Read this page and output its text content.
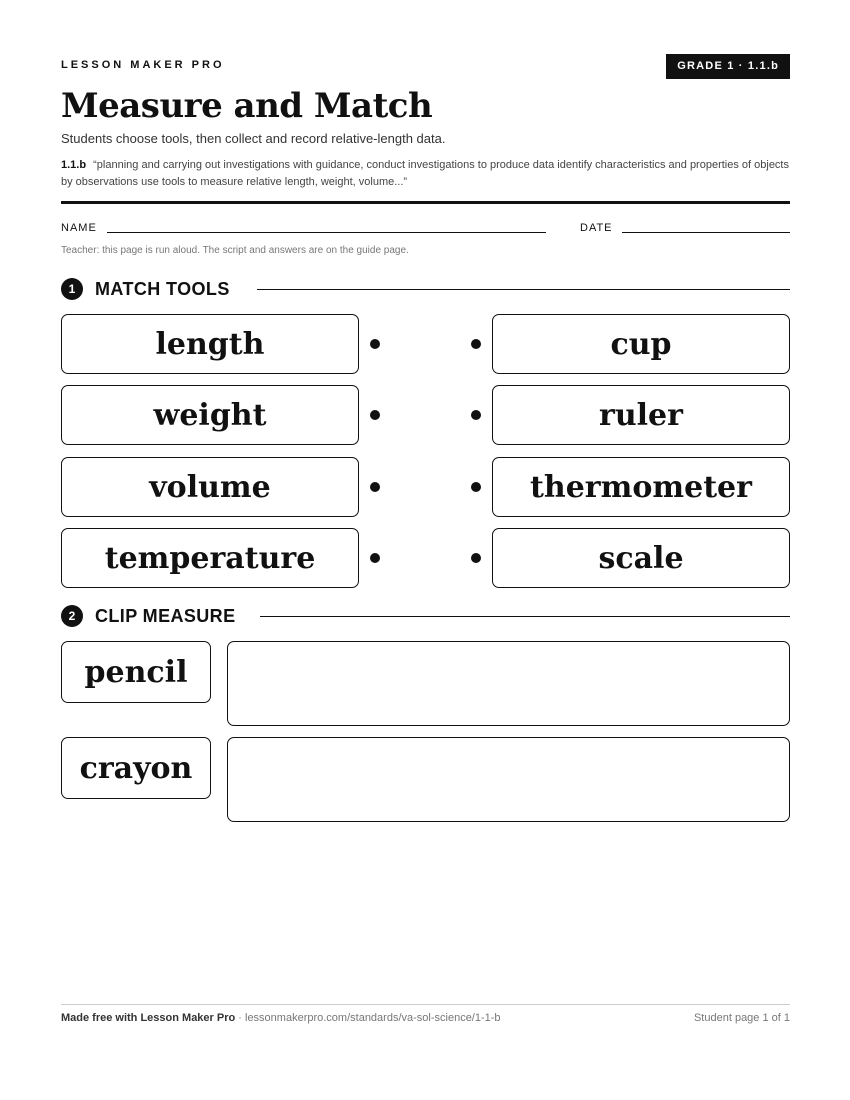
LESSON MAKER PRO	GRADE 1 · 1.1.b
Measure and Match
Students choose tools, then collect and record relative-length data.
1.1.b “planning and carrying out investigations with guidance, conduct investigations to produce data identify characteristics and properties of objects by observations use tools to measure relative length, weight, volume...”
NAME	DATE
Teacher: this page is run aloud. The script and answers are on the guide page.
1	MATCH TOOLS
length	cup
weight	ruler
volume	thermometer
temperature	scale
2	CLIP MEASURE
pencil
crayon
Made free with Lesson Maker Pro · lessonmakerpro.com/standards/va-sol-science/1-1-b	Student page 1 of 1
